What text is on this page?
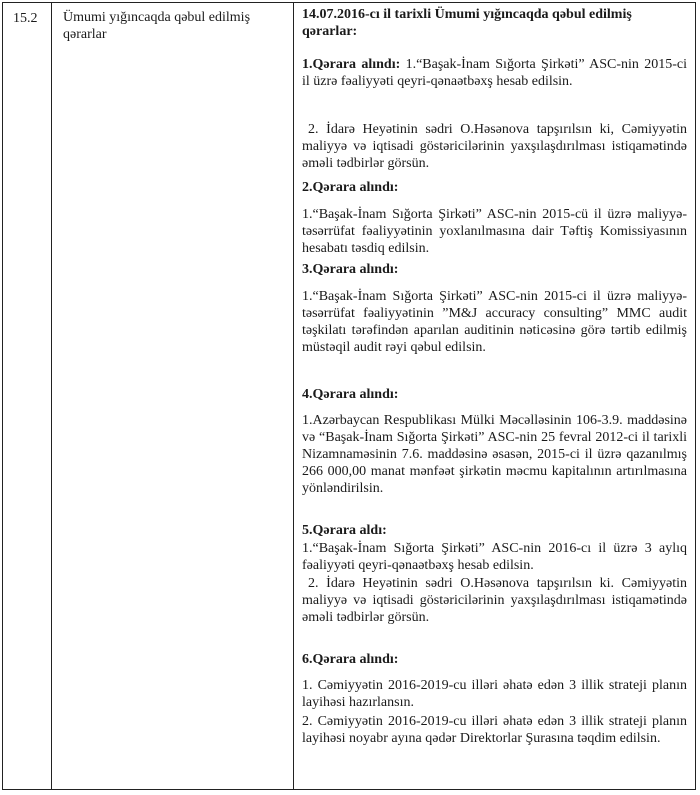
15.2	Ümumi yığıncaqda qəbul edilmiş qərarlar

14.07.2016-cı il tarixli Ümumi yığıncaqda qəbul edilmiş qərarlar:

1.Qərara alındı: 1.“Başak-İnam Sığorta Şirkəti” ASC-nin 2015-ci il üzrə fəaliyyəti qeyri-qənaətbəxş hesab edilsin.

2. İdarə Heyətinin sədri O.Həsənova tapşırılsın ki, Cəmiyyətin maliyyə və iqtisadi göstəricilərinin yaxşılaşdırılması istiqamətində əməli tədbirlər görsün.

2.Qərara alındı:

1.“Başak-İnam Sığorta Şirkəti” ASC-nin 2015-cü il üzrə maliyyə-təsərrüfat fəaliyyətinin yoxlanılmasına dair Təftiş Komissiyasının hesabatı təsdiq edilsin.

3.Qərara alındı:

1.“Başak-İnam Sığorta Şirkəti” ASC-nin 2015-ci il üzrə maliyyə-təsərrüfat fəaliyyətinin ”M&J accuracy consulting” MMC audit təşkilatı tərəfindən aparılan auditinin nəticəsinə görə tərtib edilmiş müstəqil audit rəyi qəbul edilsin.

4.Qərara alındı:

1.Azərbaycan Respublikası Mülki Məcəlləsinin 106-3.9. maddəsinə və “Başak-İnam Sığorta Şirkəti” ASC-nin 25 fevral 2012-ci il tarixli Nizamnaməsinin 7.6. maddəsinə əsasən, 2015-ci il üzrə qazanılmış 266 000,00 manat mənfəət şirkətin məcmu kapitalının artırılmasına yönləndirilsin.

5.Qərara aldı:

1.“Başak-İnam Sığorta Şirkəti” ASC-nin 2016-cı il üzrə 3 aylıq fəaliyyəti qeyri-qənaətbəxş hesab edilsin.

2. İdarə Heyətinin sədri O.Həsənova tapşırılsın ki. Cəmiyyətin maliyyə və iqtisadi göstəricilərinin yaxşılaşdırılması istiqamətində əməli tədbirlər görsün.

6.Qərara alındı:

1. Cəmiyyətin 2016-2019-cu illəri əhatə edən 3 illik strateji planın layihəsi hazırlansın.

2. Cəmiyyətin 2016-2019-cu illəri əhatə edən 3 illik strateji planın layihəsi noyabr ayına qədər Direktorlar Şurasına təqdim edilsin.
